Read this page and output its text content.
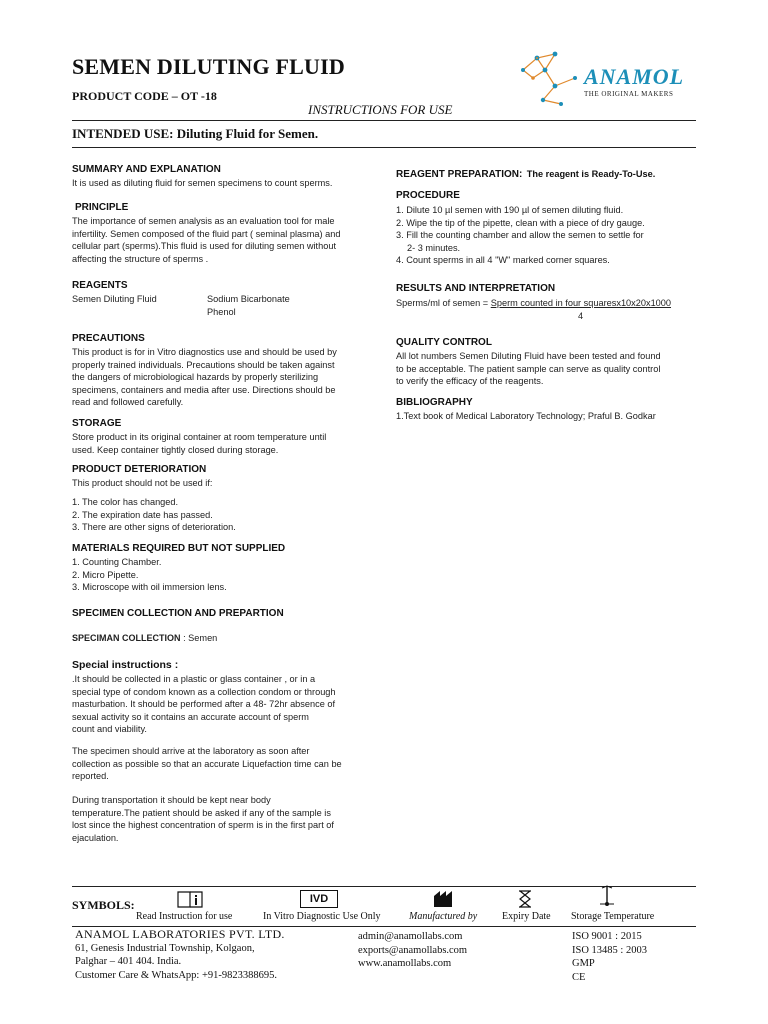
SEMEN DILUTING FLUID
PRODUCT CODE – OT -18
INSTRUCTIONS FOR USE
ANAMOL
THE ORIGINAL MAKERS
INTENDED USE: Diluting Fluid for Semen.
SUMMARY AND EXPLANATION
It is used as diluting fluid for semen specimens to count sperms.
PRINCIPLE
The importance of semen analysis as an evaluation tool for male
infertility. Semen composed of the fluid part ( seminal plasma) and
cellular part (sperms).This fluid is used for diluting semen without
affecting the structure of sperms .
REAGENTS
Semen Diluting Fluid	Sodium Bicarbonate
Phenol
PRECAUTIONS
This product is for in Vitro diagnostics use and should be used by
properly trained individuals. Precautions should be taken against
the dangers of microbiological hazards by properly sterilizing
specimens, containers and media after use. Directions should be
read and followed carefully.
STORAGE
Store product in its original container at room temperature until
used. Keep container tightly closed during storage.
PRODUCT DETERIORATION
This product should not be used if:
1. The color has changed.
2. The expiration date has passed.
3. There are other signs of deterioration.
MATERIALS REQUIRED BUT NOT SUPPLIED
1. Counting Chamber.
2. Micro Pipette.
3. Microscope with oil immersion lens.
SPECIMEN COLLECTION AND PREPARTION
SPECIMAN COLLECTION : Semen
Special instructions :
.It should be collected in a plastic or glass container , or in a
special type of condom known as a collection condom or through
masturbation. It should be performed after a 48- 72hr absence of
sexual activity so it contains an accurate account of sperm
count and viability.
The specimen should arrive at the laboratory as soon after
collection as possible so that an accurate Liquefaction time can be
reported.
During transportation it should be kept near body
temperature.The patient should be asked if any of the sample is
lost since the highest concentration of sperm is in the first part of
ejaculation.
REAGENT PREPARATION: The reagent is Ready-To-Use.
PROCEDURE
1. Dilute 10 µl semen with 190 µl of semen diluting fluid.
2. Wipe the tip of the pipette, clean with a piece of dry gauge.
3. Fill the counting chamber and allow the semen to settle for
2- 3 minutes.
4. Count sperms in all 4 "W" marked corner squares.
RESULTS AND INTERPRETATION
Sperms/ml of semen = Sperm counted in four squaresx10x20x1000
4
QUALITY CONTROL
All lot numbers Semen Diluting Fluid have been tested and found
to be acceptable. The patient sample can serve as quality control
to verify the efficacy of the reagents.
BIBLIOGRAPHY
1.Text book of Medical Laboratory Technology; Praful B. Godkar
SYMBOLS:	IVD
Read Instruction for use	In Vitro Diagnostic Use Only	Manufactured by Expiry Date Storage Temperature
ANAMOL LABORATORIES PVT. LTD.
61, Genesis Industrial Township, Kolgaon,
Palghar – 401 404. India.
Customer Care & WhatsApp: +91-9823388695.
admin@anamollabs.com
exports@anamollabs.com
www.anamollabs.com
ISO 9001 : 2015
ISO 13485 : 2003
GMP
CE
